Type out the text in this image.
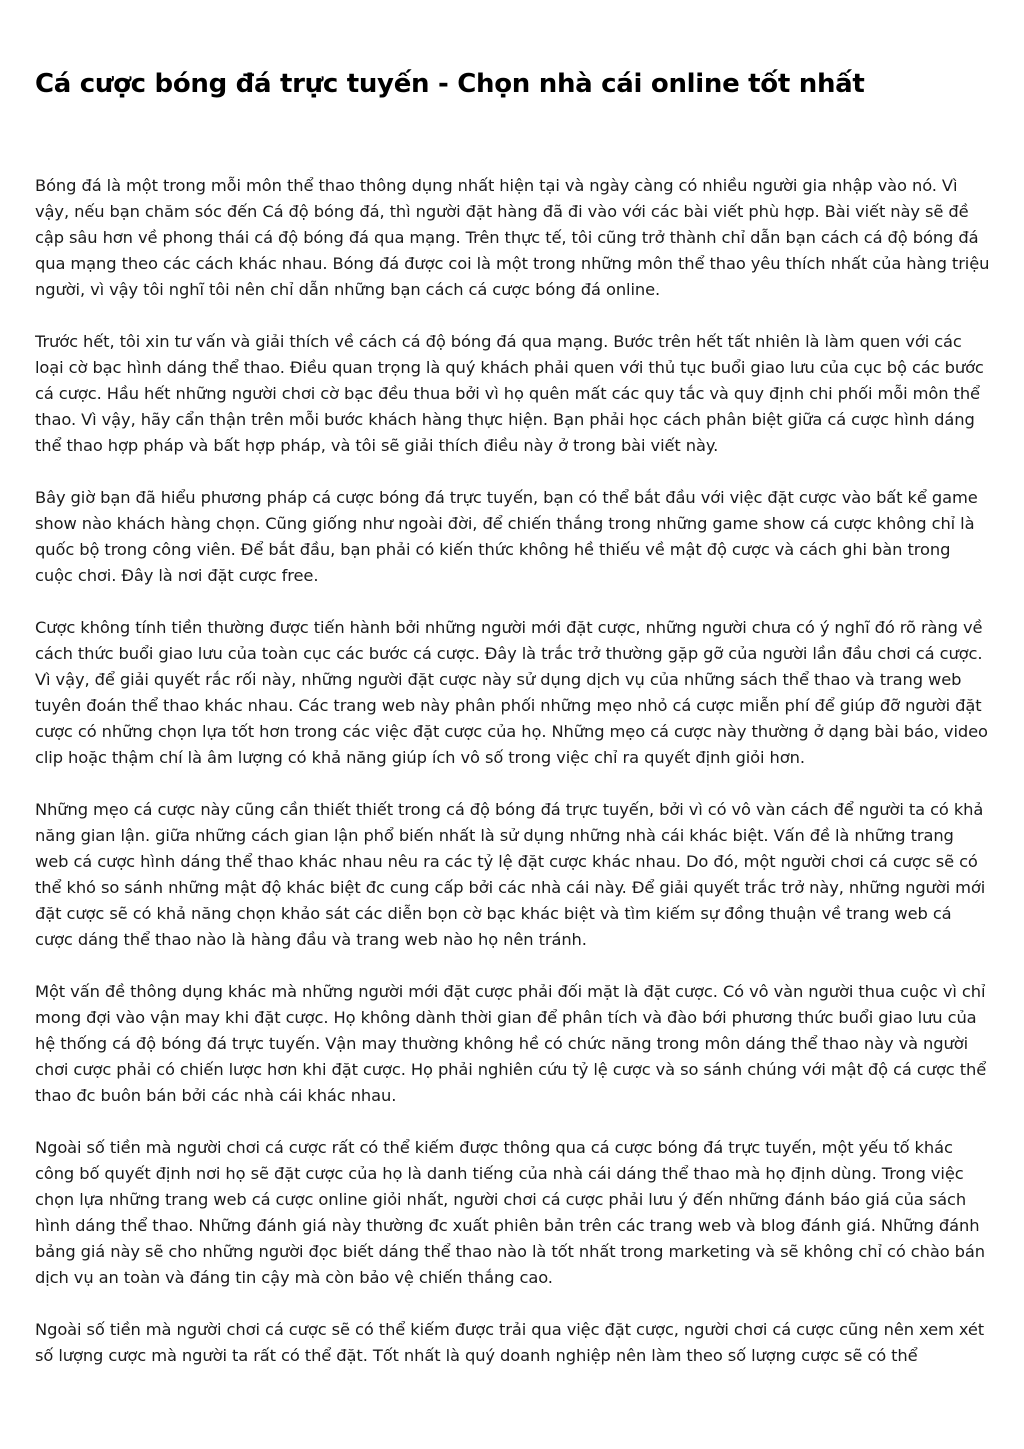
Cá cược bóng đá trực tuyến - Chọn nhà cái online tốt nhất

Bóng đá là một trong mỗi môn thể thao thông dụng nhất hiện tại và ngày càng có nhiều người gia nhập vào nó. Vì vậy, nếu bạn chăm sóc đến Cá độ bóng đá, thì người đặt hàng đã đi vào với các bài viết phù hợp. Bài viết này sẽ đề cập sâu hơn về phong thái cá độ bóng đá qua mạng. Trên thực tế, tôi cũng trở thành chỉ dẫn bạn cách cá độ bóng đá qua mạng theo các cách khác nhau. Bóng đá được coi là một trong những môn thể thao yêu thích nhất của hàng triệu người, vì vậy tôi nghĩ tôi nên chỉ dẫn những bạn cách cá cược bóng đá online.

Trước hết, tôi xin tư vấn và giải thích về cách cá độ bóng đá qua mạng. Bước trên hết tất nhiên là làm quen với các loại cờ bạc hình dáng thể thao. Điều quan trọng là quý khách phải quen với thủ tục buổi giao lưu của cục bộ các bước cá cược. Hầu hết những người chơi cờ bạc đều thua bởi vì họ quên mất các quy tắc và quy định chi phối mỗi môn thể thao. Vì vậy, hãy cẩn thận trên mỗi bước khách hàng thực hiện. Bạn phải học cách phân biệt giữa cá cược hình dáng thể thao hợp pháp và bất hợp pháp, và tôi sẽ giải thích điều này ở trong bài viết này.

Bây giờ bạn đã hiểu phương pháp cá cược bóng đá trực tuyến, bạn có thể bắt đầu với việc đặt cược vào bất kể game show nào khách hàng chọn. Cũng giống như ngoài đời, để chiến thắng trong những game show cá cược không chỉ là quốc bộ trong công viên. Để bắt đầu, bạn phải có kiến thức không hề thiếu về mật độ cược và cách ghi bàn trong cuộc chơi. Đây là nơi đặt cược free.

Cược không tính tiền thường được tiến hành bởi những người mới đặt cược, những người chưa có ý nghĩ đó rõ ràng về cách thức buổi giao lưu của toàn cục các bước cá cược. Đây là trắc trở thường gặp gỡ của người lần đầu chơi cá cược. Vì vậy, để giải quyết rắc rối này, những người đặt cược này sử dụng dịch vụ của những sách thể thao và trang web tuyên đoán thể thao khác nhau. Các trang web này phân phối những mẹo nhỏ cá cược miễn phí để giúp đỡ người đặt cược có những chọn lựa tốt hơn trong các việc đặt cược của họ. Những mẹo cá cược này thường ở dạng bài báo, video clip hoặc thậm chí là âm lượng có khả năng giúp ích vô số trong việc chỉ ra quyết định giỏi hơn.

Những mẹo cá cược này cũng cần thiết thiết trong cá độ bóng đá trực tuyến, bởi vì có vô vàn cách để người ta có khả năng gian lận. giữa những cách gian lận phổ biến nhất là sử dụng những nhà cái khác biệt. Vấn đề là những trang web cá cược hình dáng thể thao khác nhau nêu ra các tỷ lệ đặt cược khác nhau. Do đó, một người chơi cá cược sẽ có thể khó so sánh những mật độ khác biệt đc cung cấp bởi các nhà cái này. Để giải quyết trắc trở này, những người mới đặt cược sẽ có khả năng chọn khảo sát các diễn bọn cờ bạc khác biệt và tìm kiếm sự đồng thuận về trang web cá cược dáng thể thao nào là hàng đầu và trang web nào họ nên tránh.

Một vấn đề thông dụng khác mà những người mới đặt cược phải đối mặt là đặt cược. Có vô vàn người thua cuộc vì chỉ mong đợi vào vận may khi đặt cược. Họ không dành thời gian để phân tích và đào bới phương thức buổi giao lưu của hệ thống cá độ bóng đá trực tuyến. Vận may thường không hề có chức năng trong môn dáng thể thao này và người chơi cược phải có chiến lược hơn khi đặt cược. Họ phải nghiên cứu tỷ lệ cược và so sánh chúng với mật độ cá cược thể thao đc buôn bán bởi các nhà cái khác nhau.

Ngoài số tiền mà người chơi cá cược rất có thể kiếm được thông qua cá cược bóng đá trực tuyến, một yếu tố khác công bố quyết định nơi họ sẽ đặt cược của họ là danh tiếng của nhà cái dáng thể thao mà họ định dùng. Trong việc chọn lựa những trang web cá cược online giỏi nhất, người chơi cá cược phải lưu ý đến những đánh báo giá của sách hình dáng thể thao. Những đánh giá này thường đc xuất phiên bản trên các trang web và blog đánh giá. Những đánh bảng giá này sẽ cho những người đọc biết dáng thể thao nào là tốt nhất trong marketing và sẽ không chỉ có chào bán dịch vụ an toàn và đáng tin cậy mà còn bảo vệ chiến thắng cao.

Ngoài số tiền mà người chơi cá cược sẽ có thể kiếm được trải qua việc đặt cược, người chơi cá cược cũng nên xem xét số lượng cược mà người ta rất có thể đặt. Tốt nhất là quý doanh nghiệp nên làm theo số lượng cược sẽ có thể
